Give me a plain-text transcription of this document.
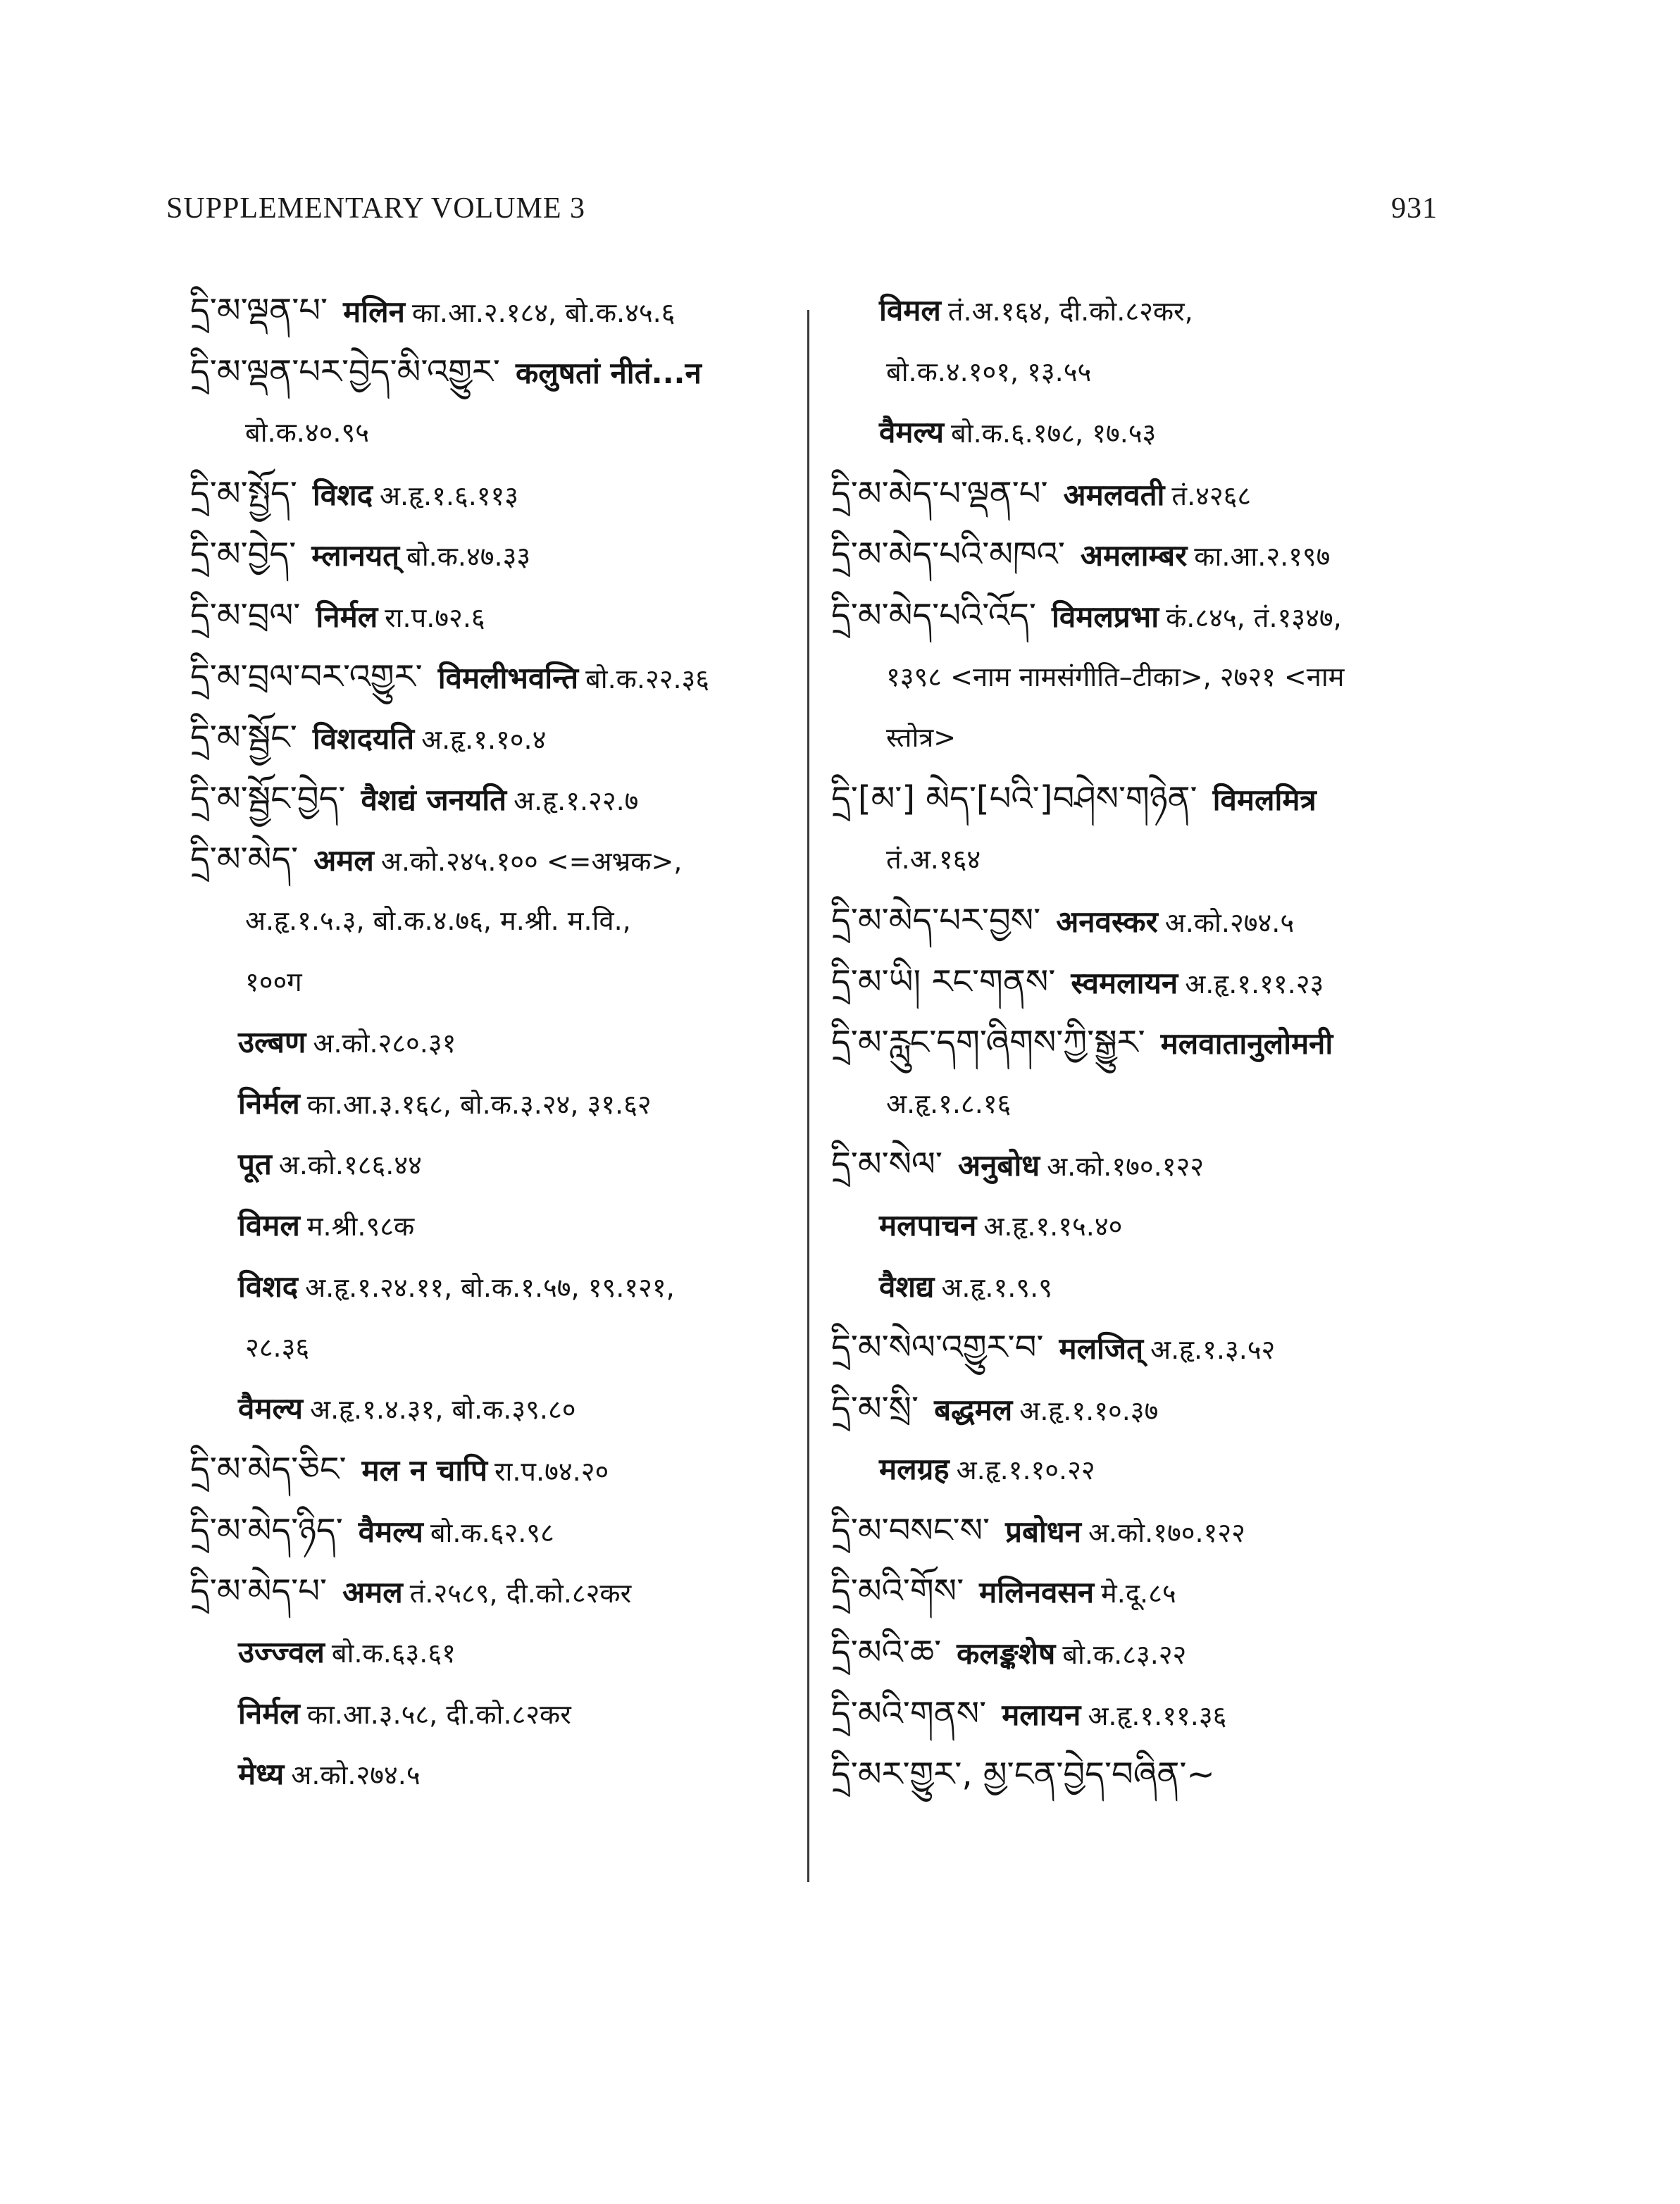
SUPPLEMENTARY VOLUME 3	931
དྲི་མ་ལྡན་པ་ मलिन का.आ.२.१८४, बो.क.४५.६
དྲི་མ་ལྡན་པར་བྱེད་མི་འགྱུར་ कलुषतां नीतं...न
बो.क.४०.९५
དྲི་མ་སྤྱོད་ विशद अ.हृ.१.६.११३
དྲི་མ་བྱེད་ म्लानयत् बो.क.४७.३३
དྲི་མ་བྲལ་ निर्मल रा.प.७२.६
དྲི་མ་བྲལ་བར་འགྱུར་ विमलीभवन्ति बो.क.२२.३६
དྲི་མ་སྦྱོང་ विशदयति अ.हृ.१.१०.४
དྲི་མ་སྦྱོང་བྱེད་ वैशद्यं जनयति अ.हृ.१.२२.७
དྲི་མ་མེད་ अमल अ.को.२४५.१०० <=अभ्रक>,
अ.हृ.१.५.३, बो.क.४.७६, म.श्री. म.वि.,
१००ग
उल्बण अ.को.२८०.३१
निर्मल का.आ.३.१६८, बो.क.३.२४, ३१.६२
पूत अ.को.१८६.४४
विमल म.श्री.९८क
विशद अ.हृ.१.२४.११, बो.क.१.५७, १९.१२१,
२८.३६
वैमल्य अ.हृ.१.४.३१, बो.क.३९.८०
དྲི་མ་མེད་ཅིང་ मल न चापि रा.प.७४.२०
དྲི་མ་མེད་ཉིད་ वैमल्य बो.क.६२.९८
དྲི་མ་མེད་པ་ अमल तं.२५८९, दी.को.८२कर
उज्ज्वल बो.क.६३.६१
निर्मल का.आ.३.५८, दी.को.८२कर
मेध्य अ.को.२७४.५
विमल तं.अ.१६४, दी.को.८२कर,
बो.क.४.१०१, १३.५५
वैमल्य बो.क.६.१७८, १७.५३
དྲི་མ་མེད་པ་ལྡན་པ་ अमलवती तं.४२६८
དྲི་མ་མེད་པའི་མཁའ་ अमलाम्बर का.आ.२.१९७
དྲི་མ་མེད་པའི་འོད་ विमलप्रभा कं.८४५, तं.१३४७,
१३९८ <नाम नामसंगीति–टीका>, २७२१ <नाम
स्तोत्र>
དྲི་[མ་] མེད་[པའི་]བཤེས་གཉེན་ विमलमित्र
तं.अ.१६४
དྲི་མ་མེད་པར་བྱས་ अनवस्कर अ.को.२७४.५
དྲི་མ་ཡི། རང་གནས་ स्वमलायन अ.हृ.१.११.२३
དྲི་མ་རླུང་དག་ཞིགས་ཀྱི་སྒྱུར་ मलवातानुलोमनी
अ.हृ.१.८.१६
དྲི་མ་སེལ་ अनुबोध अ.को.१७०.१२२
मलपाचन अ.हृ.१.१५.४०
वैशद्य अ.हृ.१.९.९
དྲི་མ་སེལ་འགྱུར་བ་ मलजित् अ.हृ.१.३.५२
དྲི་མ་སྲི་ बद्धमल अ.हृ.१.१०.३७
मलग्रह अ.हृ.१.१०.२२
དྲི་མ་བསང་ས་ प्रबोधन अ.को.१७०.१२२
དྲི་མའི་གོས་ मलिनवसन मे.दू.८५
དྲི་མའི་ཆ་ कलङ्कशेष बो.क.८३.२२
དྲི་མའི་གནས་ मलायन अ.हृ.१.११.३६
དྲི་མར་གྱུར་, མྱ་ངན་བྱེད་བཞིན་~
